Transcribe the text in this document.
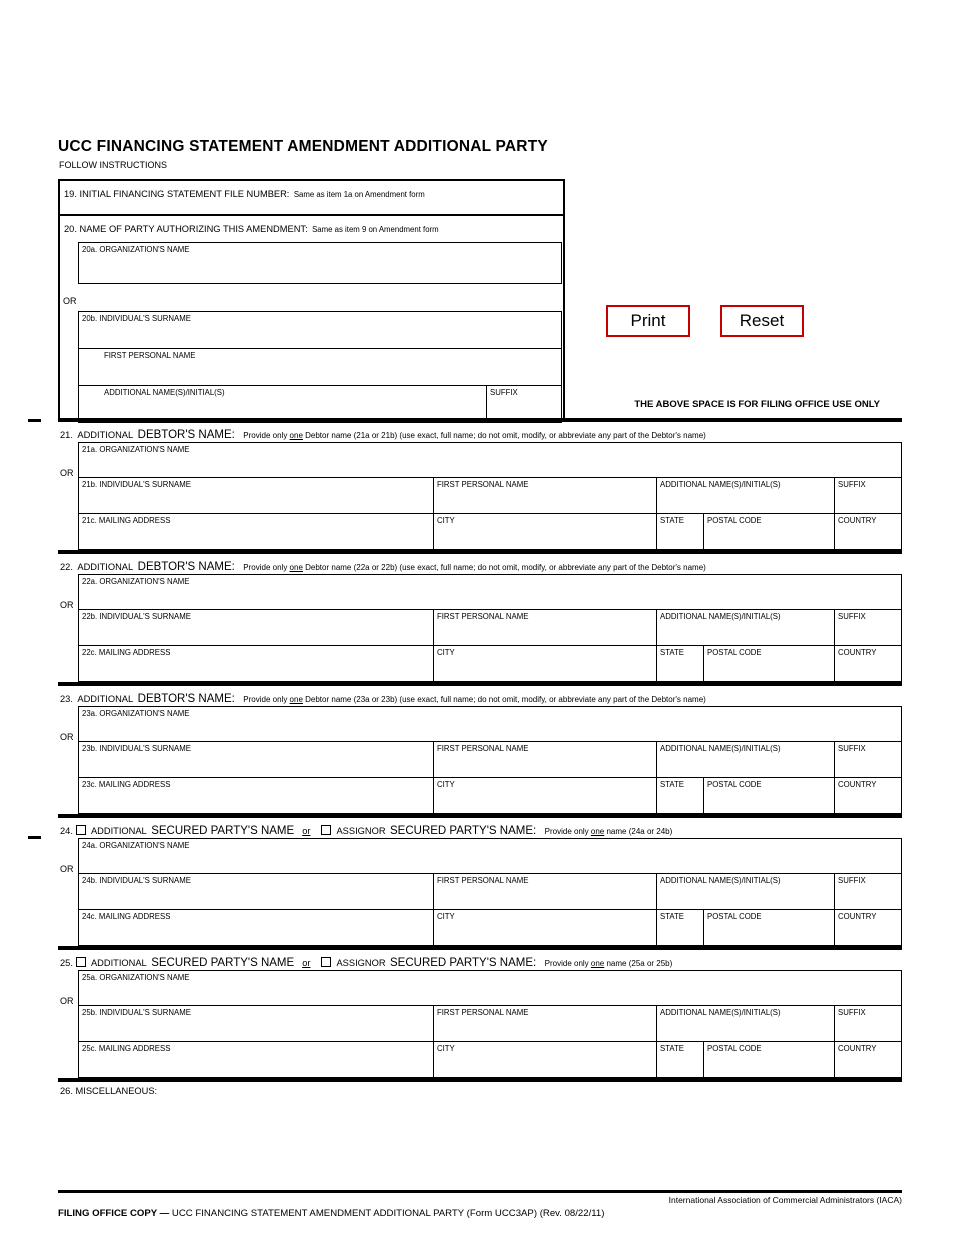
UCC FINANCING STATEMENT AMENDMENT ADDITIONAL PARTY
FOLLOW INSTRUCTIONS
19. INITIAL FINANCING STATEMENT FILE NUMBER: Same as item 1a on Amendment form
20. NAME OF PARTY AUTHORIZING THIS AMENDMENT: Same as item 9 on Amendment form
OR
20a. ORGANIZATION'S NAME
20b. INDIVIDUAL'S SURNAME
FIRST PERSONAL NAME
ADDITIONAL NAME(S)/INITIAL(S)	SUFFIX
Print	Reset
THE ABOVE SPACE IS FOR FILING OFFICE USE ONLY
21. ADDITIONAL DEBTOR'S NAME: Provide only one Debtor name (21a or 21b) (use exact, full name; do not omit, modify, or abbreviate any part of the Debtor's name)
OR
21a. ORGANIZATION'S NAME
21b. INDIVIDUAL'S SURNAME	FIRST PERSONAL NAME	ADDITIONAL NAME(S)/INITIAL(S)	SUFFIX
21c. MAILING ADDRESS	CITY	STATE	POSTAL CODE	COUNTRY
22. ADDITIONAL DEBTOR'S NAME: Provide only one Debtor name (22a or 22b) (use exact, full name; do not omit, modify, or abbreviate any part of the Debtor's name)
OR
22a. ORGANIZATION'S NAME
22b. INDIVIDUAL'S SURNAME	FIRST PERSONAL NAME	ADDITIONAL NAME(S)/INITIAL(S)	SUFFIX
22c. MAILING ADDRESS	CITY	STATE	POSTAL CODE	COUNTRY
23. ADDITIONAL DEBTOR'S NAME: Provide only one Debtor name (23a or 23b) (use exact, full name; do not omit, modify, or abbreviate any part of the Debtor's name)
OR
23a. ORGANIZATION'S NAME
23b. INDIVIDUAL'S SURNAME	FIRST PERSONAL NAME	ADDITIONAL NAME(S)/INITIAL(S)	SUFFIX
23c. MAILING ADDRESS	CITY	STATE	POSTAL CODE	COUNTRY
24. ADDITIONAL SECURED PARTY'S NAME or	ASSIGNOR SECURED PARTY'S NAME: Provide only one name (24a or 24b)
OR
24a. ORGANIZATION'S NAME
24b. INDIVIDUAL'S SURNAME	FIRST PERSONAL NAME	ADDITIONAL NAME(S)/INITIAL(S)	SUFFIX
24c. MAILING ADDRESS	CITY	STATE	POSTAL CODE	COUNTRY
25. ADDITIONAL SECURED PARTY'S NAME or	ASSIGNOR SECURED PARTY'S NAME: Provide only one name (25a or 25b)
OR
25a. ORGANIZATION'S NAME
25b. INDIVIDUAL'S SURNAME	FIRST PERSONAL NAME	ADDITIONAL NAME(S)/INITIAL(S)	SUFFIX
25c. MAILING ADDRESS	CITY	STATE	POSTAL CODE	COUNTRY
26. MISCELLANEOUS:
International Association of Commercial Administrators (IACA)
FILING OFFICE COPY — UCC FINANCING STATEMENT AMENDMENT ADDITIONAL PARTY (Form UCC3AP) (Rev. 08/22/11)
